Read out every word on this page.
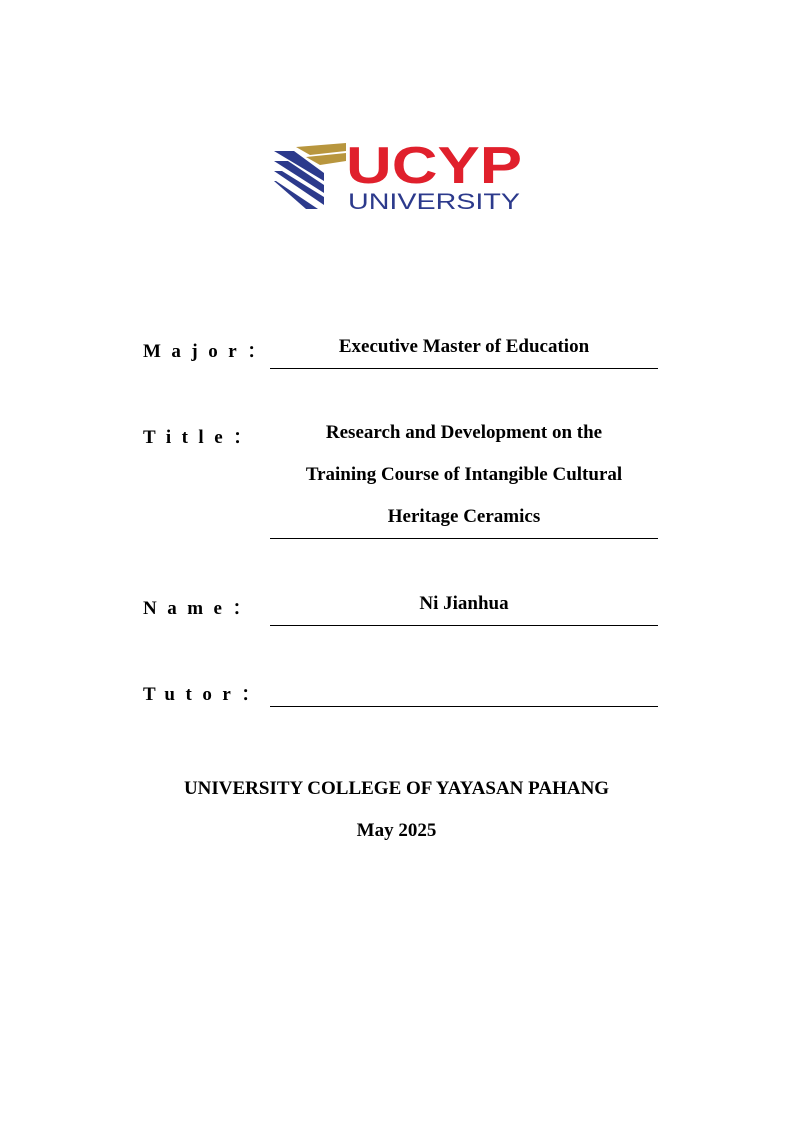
UCYP
UNIVERSITY
Major：	Executive Master of Education
Title：	Research and Development on the
Training Course of Intangible Cultural
Heritage Ceramics
Name：	Ni Jianhua
Tutor：
UNIVERSITY COLLEGE OF YAYASAN PAHANG
May 2025
